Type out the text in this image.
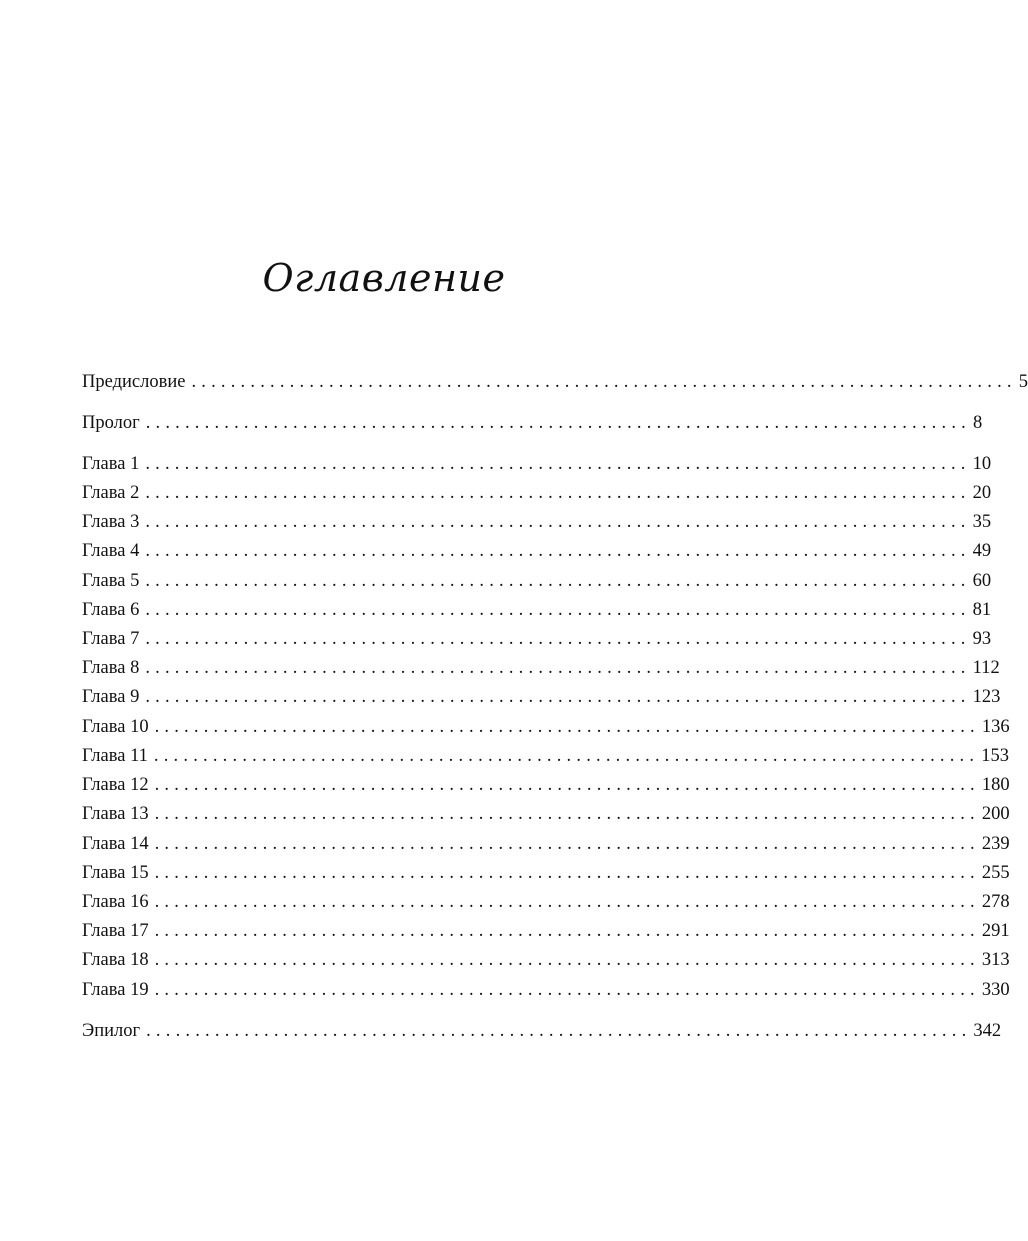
Оглавление
Предисловие .................................................................................... 5
Пролог .................................................................................... 8
Глава 1 .................................................................................... 10
Глава 2 .................................................................................... 20
Глава 3 .................................................................................... 35
Глава 4 .................................................................................... 49
Глава 5 .................................................................................... 60
Глава 6 .................................................................................... 81
Глава 7 .................................................................................... 93
Глава 8 .................................................................................... 112
Глава 9 .................................................................................... 123
Глава 10 .................................................................................... 136
Глава 11 .................................................................................... 153
Глава 12 .................................................................................... 180
Глава 13 .................................................................................... 200
Глава 14 .................................................................................... 239
Глава 15 .................................................................................... 255
Глава 16 .................................................................................... 278
Глава 17 .................................................................................... 291
Глава 18 .................................................................................... 313
Глава 19 .................................................................................... 330
Эпилог .................................................................................... 342
